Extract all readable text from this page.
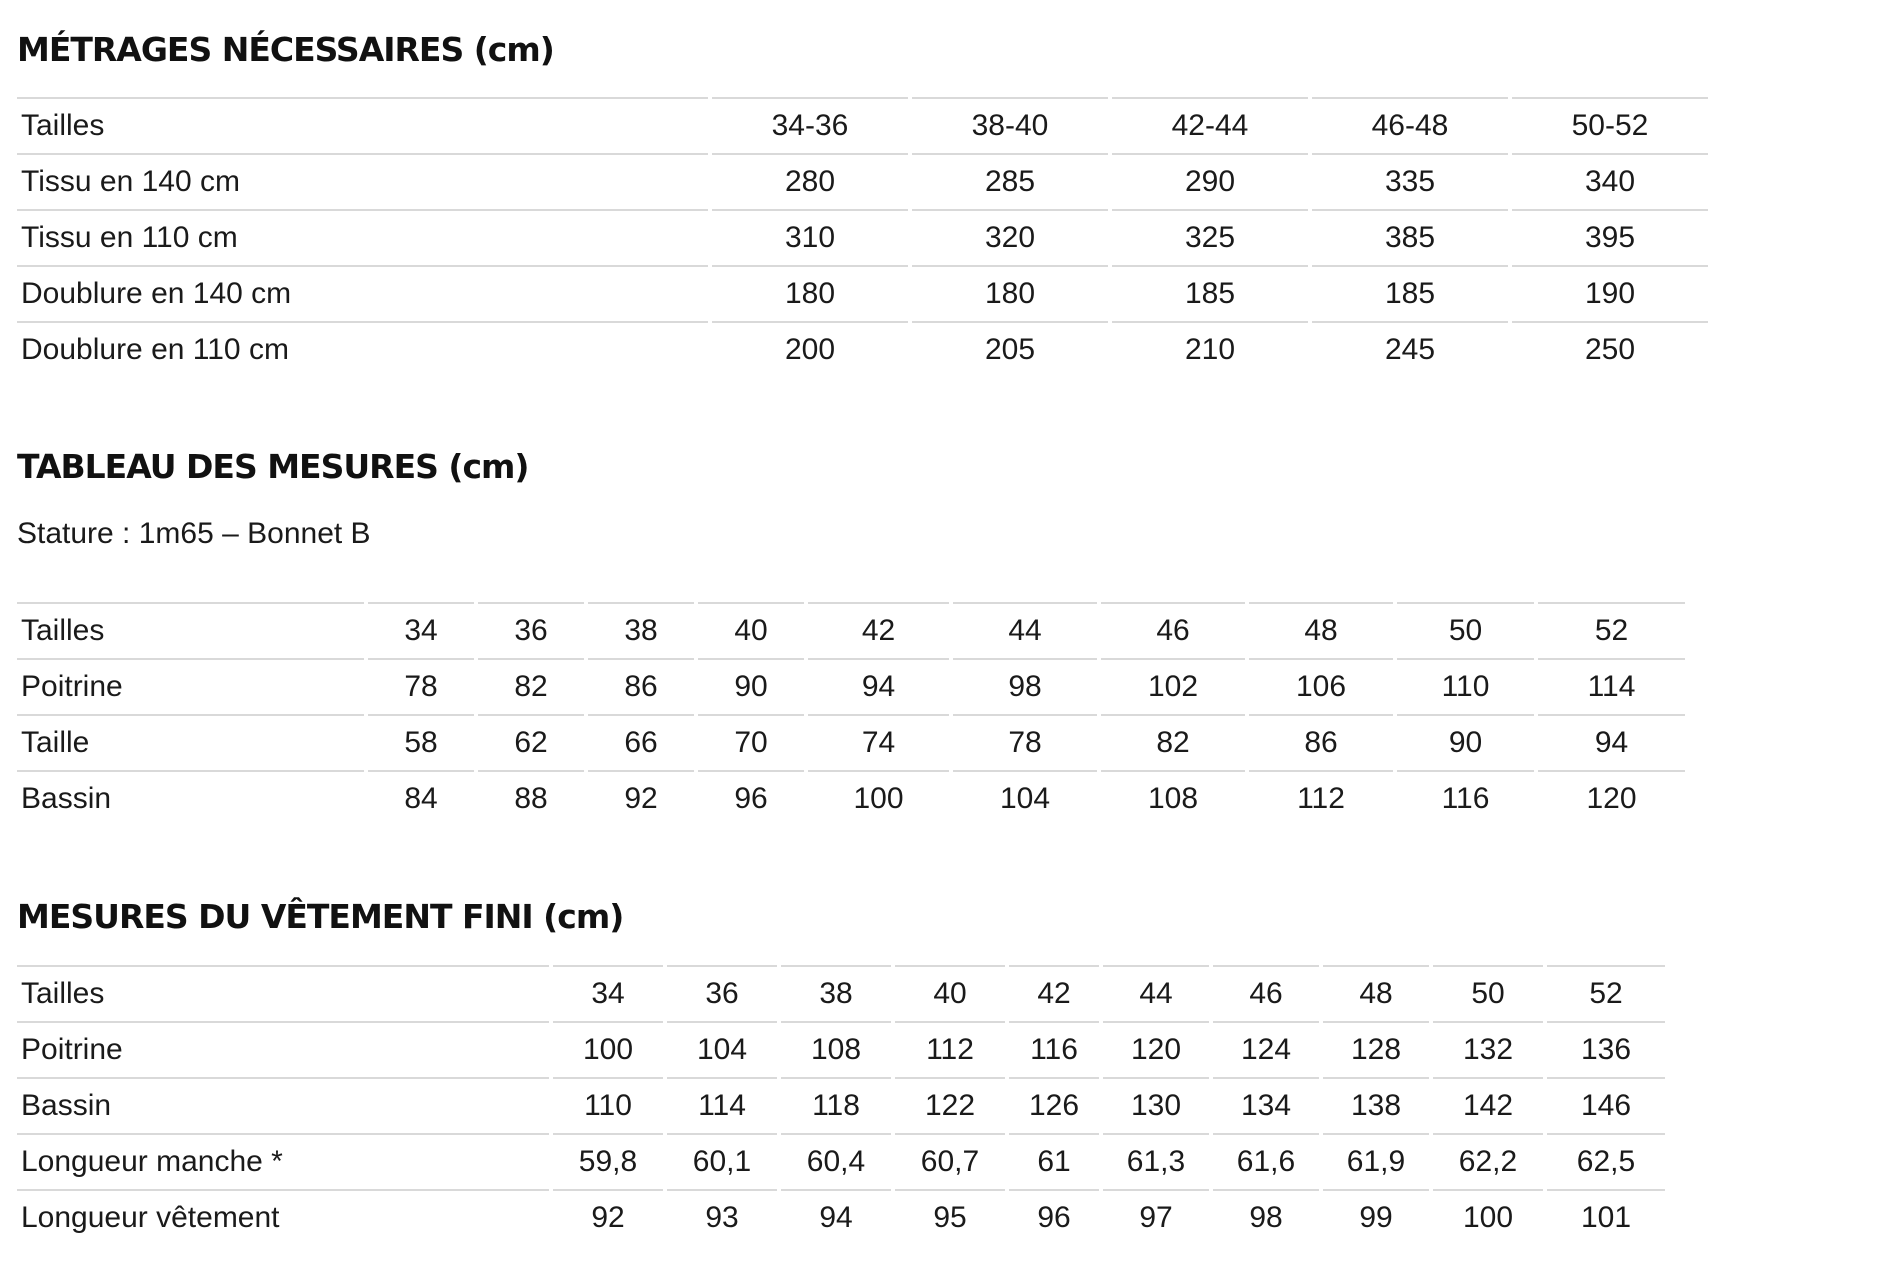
MÉTRAGES NÉCESSAIRES (cm)
Tailles	34-36	38-40	42-44	46-48	50-52
Tissu en 140 cm	280	285	290	335	340
Tissu en 110 cm	310	320	325	385	395
Doublure en 140 cm	180	180	185	185	190
Doublure en 110 cm	200	205	210	245	250
TABLEAU DES MESURES (cm)

Stature : 1m65 – Bonnet B

Tailles	34	36	38	40	42	44	46	48	50	52
Poitrine	78	82	86	90	94	98	102	106	110	114
Taille	58	62	66	70	74	78	82	86	90	94
Bassin	84	88	92	96	100	104	108	112	116	120
MESURES DU VÊTEMENT FINI (cm)
Tailles	34	36	38	40	42	44	46	48	50	52
Poitrine	100	104	108	112	116	120	124	128	132	136
Bassin	110	114	118	122	126	130	134	138	142	146
Longueur manche *	59,8	60,1	60,4	60,7	61	61,3	61,6	61,9	62,2	62,5
Longueur vêtement	92	93	94	95	96	97	98	99	100	101
